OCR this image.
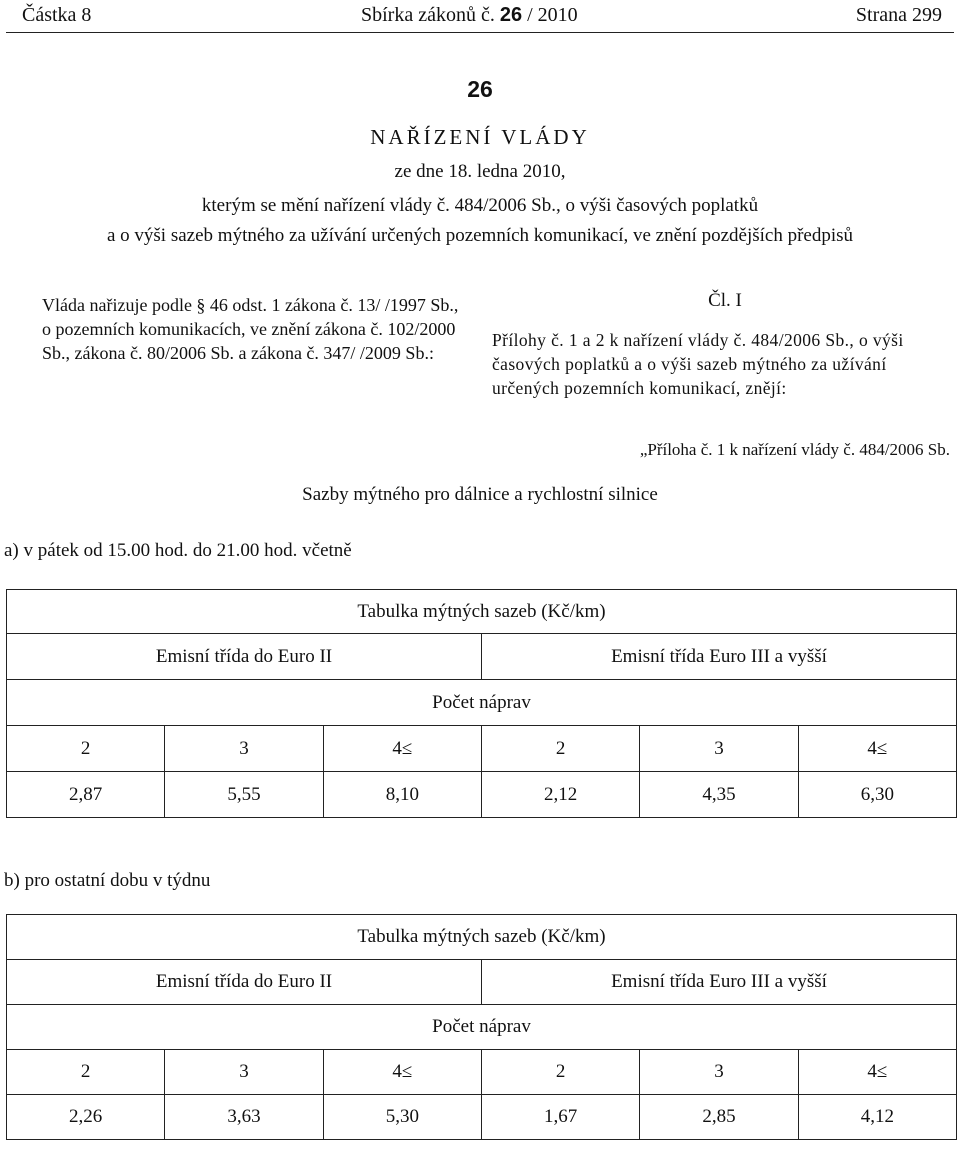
Částka 8	Sbírka zákonů č. 26 / 2010	Strana 299
26
NAŘÍZENÍ VLÁDY
ze dne 18. ledna 2010,
kterým se mění nařízení vlády č. 484/2006 Sb., o výši časových poplatků
a o výši sazeb mýtného za užívání určených pozemních komunikací, ve znění pozdějších předpisů

Vláda nařizuje podle § 46 odst. 1 zákona č. 13/ /1997 Sb., o pozemních komunikacích, ve znění zákona č. 102/2000 Sb., zákona č. 80/2006 Sb. a zákona č. 347/ /2009 Sb.:

Čl. I

Přílohy č. 1 a 2 k nařízení vlády č. 484/2006 Sb., o výši časových poplatků a o výši sazeb mýtného za užívání určených pozemních komunikací, znějí:

„Příloha č. 1 k nařízení vlády č. 484/2006 Sb.
Sazby mýtného pro dálnice a rychlostní silnice
a) v pátek od 15.00 hod. do 21.00 hod. včetně
Tabulka mýtných sazeb (Kč/km)					
Emisní třída do Euro II			Emisní třída Euro III a vyšší		
Počet náprav					
2	3	4≤	2	3	4≤
2,87	5,55	8,10	2,12	4,35	6,30
b) pro ostatní dobu v týdnu
Tabulka mýtných sazeb (Kč/km)					
Emisní třída do Euro II			Emisní třída Euro III a vyšší		
Počet náprav					
2	3	4≤	2	3	4≤
2,26	3,63	5,30	1,67	2,85	4,12
